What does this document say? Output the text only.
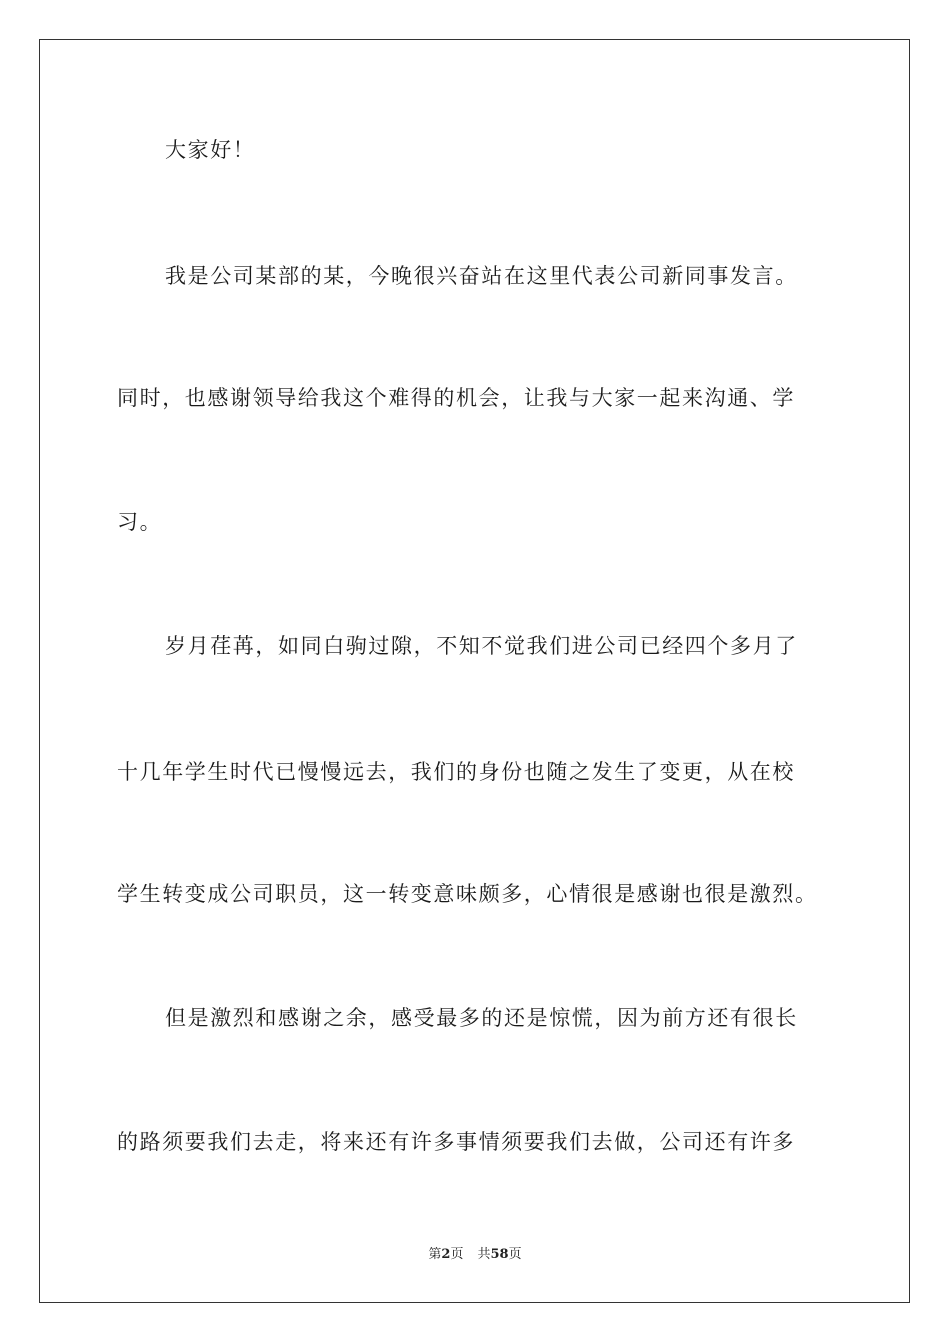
大家好！
我是公司某部的某，今晚很兴奋站在这里代表公司新同事发言。
同时，也感谢领导给我这个难得的机会，让我与大家一起来沟通、学
习。
岁月荏苒，如同白驹过隙，不知不觉我们进公司已经四个多月了
十几年学生时代已慢慢远去，我们的身份也随之发生了变更，从在校
学生转变成公司职员，这一转变意味颇多，心情很是感谢也很是激烈。
但是激烈和感谢之余，感受最多的还是惊慌，因为前方还有很长
的路须要我们去走，将来还有许多事情须要我们去做，公司还有许多
第2页 共58页
